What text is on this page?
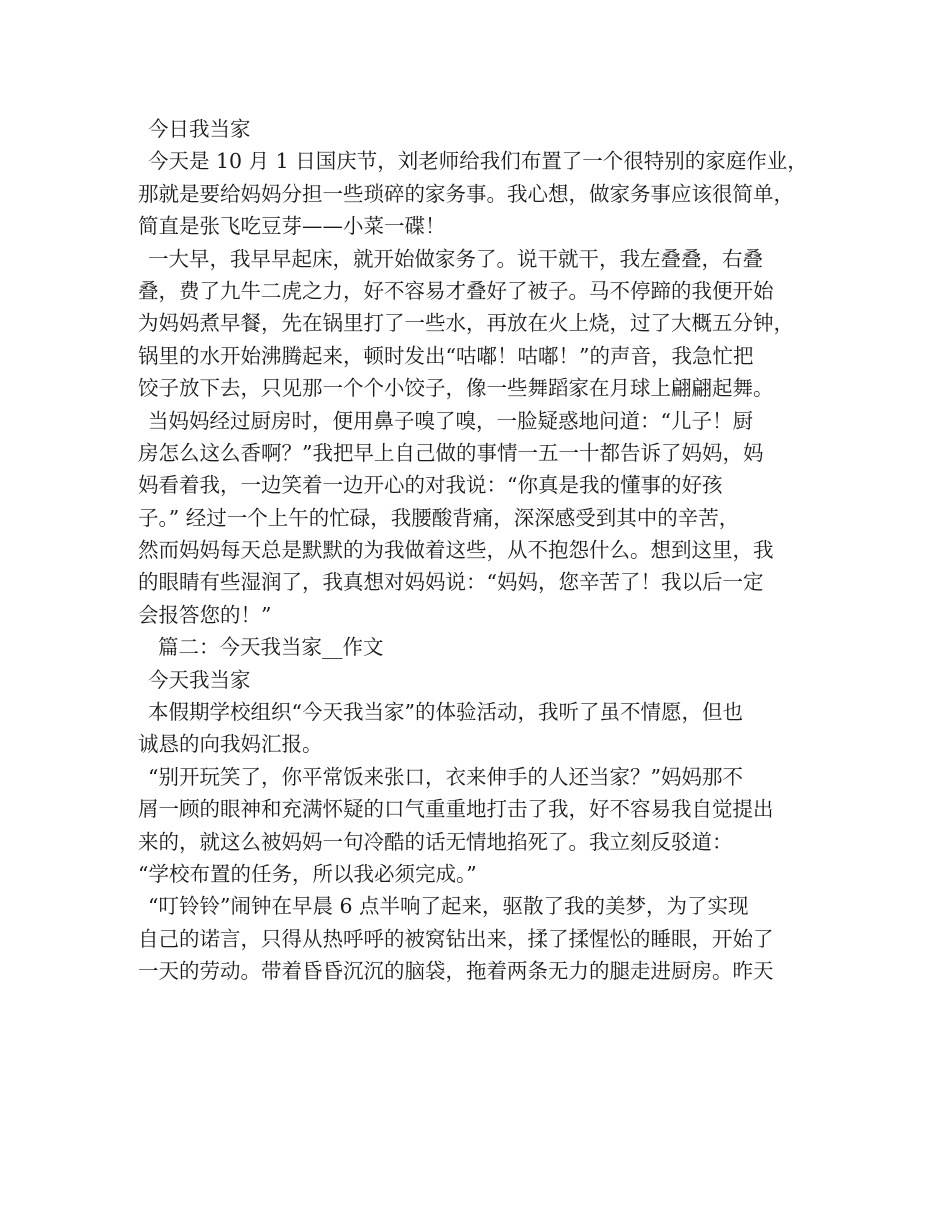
今日我当家
今天是 10 月 1 日国庆节，刘老师给我们布置了一个很特别的家庭作业，
那就是要给妈妈分担一些琐碎的家务事。我心想，做家务事应该很简单，
简直是张飞吃豆芽——小菜一碟！
一大早，我早早起床，就开始做家务了。说干就干，我左叠叠，右叠
叠，费了九牛二虎之力，好不容易才叠好了被子。马不停蹄的我便开始
为妈妈煮早餐，先在锅里打了一些水，再放在火上烧，过了大概五分钟，
锅里的水开始沸腾起来，顿时发出“咕嘟！咕嘟！”的声音，我急忙把
饺子放下去，只见那一个个小饺子，像一些舞蹈家在月球上翩翩起舞。
当妈妈经过厨房时，便用鼻子嗅了嗅，一脸疑惑地问道：“儿子！厨
房怎么这么香啊？”我把早上自己做的事情一五一十都告诉了妈妈，妈
妈看着我，一边笑着一边开心的对我说：“你真是我的懂事的好孩
子。” 经过一个上午的忙碌，我腰酸背痛，深深感受到其中的辛苦，
然而妈妈每天总是默默的为我做着这些，从不抱怨什么。想到这里，我
的眼睛有些湿润了，我真想对妈妈说：“妈妈，您辛苦了！我以后一定
会报答您的！”
篇二：今天我当家__作文
今天我当家
本假期学校组织“今天我当家”的体验活动，我听了虽不情愿，但也
诚恳的向我妈汇报。
“别开玩笑了，你平常饭来张口，衣来伸手的人还当家？”妈妈那不
屑一顾的眼神和充满怀疑的口气重重地打击了我，好不容易我自觉提出
来的，就这么被妈妈一句冷酷的话无情地掐死了。我立刻反驳道：
“学校布置的任务，所以我必须完成。”
“叮铃铃”闹钟在早晨 6 点半响了起来，驱散了我的美梦，为了实现
自己的诺言，只得从热呼呼的被窝钻出来，揉了揉惺忪的睡眼，开始了
一天的劳动。带着昏昏沉沉的脑袋，拖着两条无力的腿走进厨房。昨天
